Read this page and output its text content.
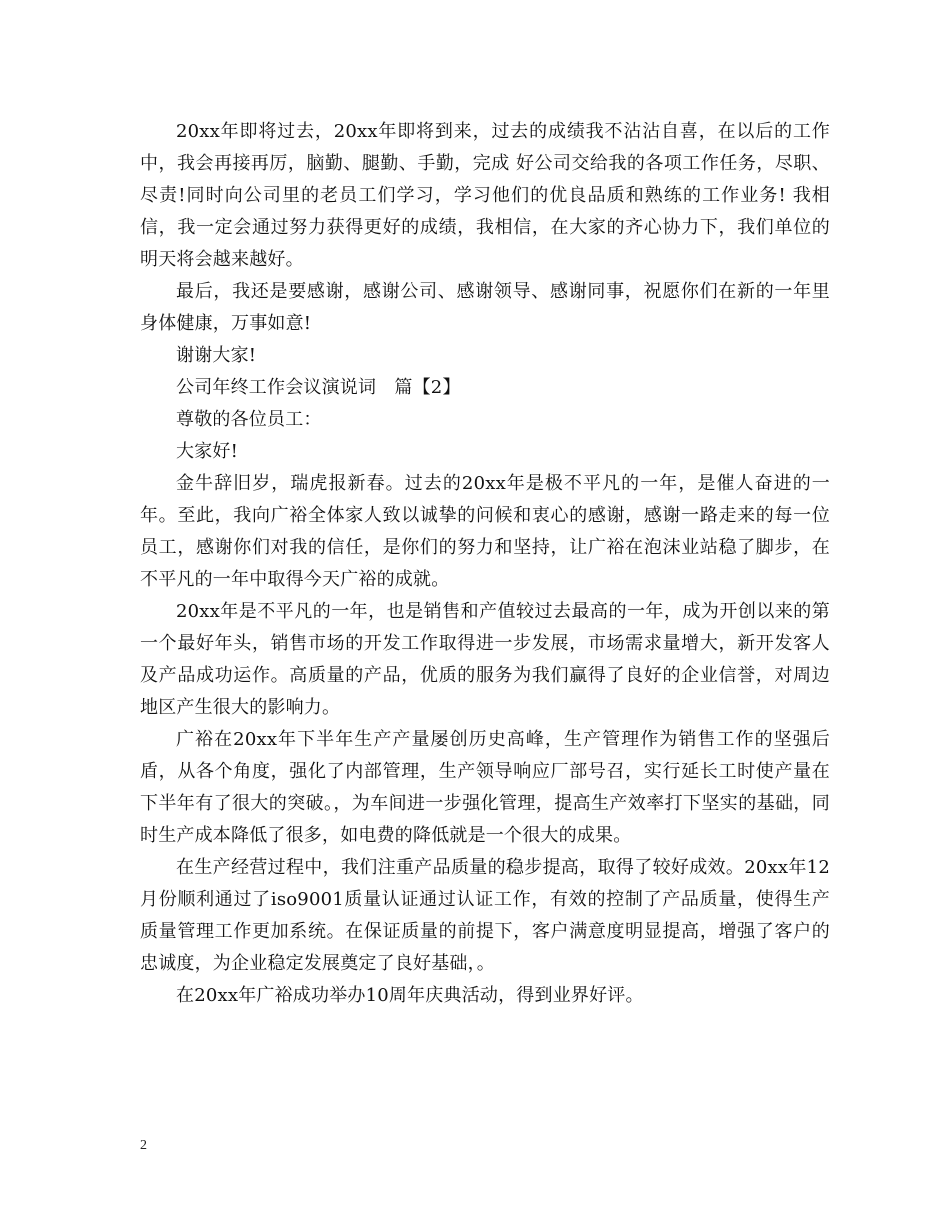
20xx年即将过去，20xx年即将到来，过去的成绩我不沾沾自喜，在以后的工作中，我会再接再厉，脑勤、腿勤、手勤，完成 好公司交给我的各项工作任务，尽职、尽责!同时向公司里的老员工们学习，学习他们的优良品质和熟练的工作业务! 我相信，我一定会通过努力获得更好的成绩，我相信，在大家的齐心协力下，我们单位的明天将会越来越好。

最后，我还是要感谢，感谢公司、感谢领导、感谢同事，祝愿你们在新的一年里身体健康，万事如意!

谢谢大家!

公司年终工作会议演说词　篇【2】

尊敬的各位员工：

大家好!

金牛辞旧岁，瑞虎报新春。过去的20xx年是极不平凡的一年，是催人奋进的一年。至此，我向广裕全体家人致以诚挚的问候和衷心的感谢，感谢一路走来的每一位员工，感谢你们对我的信任，是你们的努力和坚持，让广裕在泡沫业站稳了脚步，在不平凡的一年中取得今天广裕的成就。

20xx年是不平凡的一年，也是销售和产值较过去最高的一年，成为开创以来的第一个最好年头，销售市场的开发工作取得进一步发展，市场需求量增大，新开发客人及产品成功运作。高质量的产品，优质的服务为我们赢得了良好的企业信誉，对周边地区产生很大的影响力。

广裕在20xx年下半年生产产量屡创历史高峰，生产管理作为销售工作的坚强后盾，从各个角度，强化了内部管理，生产领导响应厂部号召，实行延长工时使产量在下半年有了很大的突破。，为车间进一步强化管理，提高生产效率打下坚实的基础，同时生产成本降低了很多，如电费的降低就是一个很大的成果。

在生产经营过程中，我们注重产品质量的稳步提高，取得了较好成效。20xx年12月份顺利通过了iso9001质量认证通过认证工作，有效的控制了产品质量，使得生产质量管理工作更加系统。在保证质量的前提下，客户满意度明显提高，增强了客户的忠诚度，为企业稳定发展奠定了良好基础，。

在20xx年广裕成功举办10周年庆典活动，得到业界好评。

2
